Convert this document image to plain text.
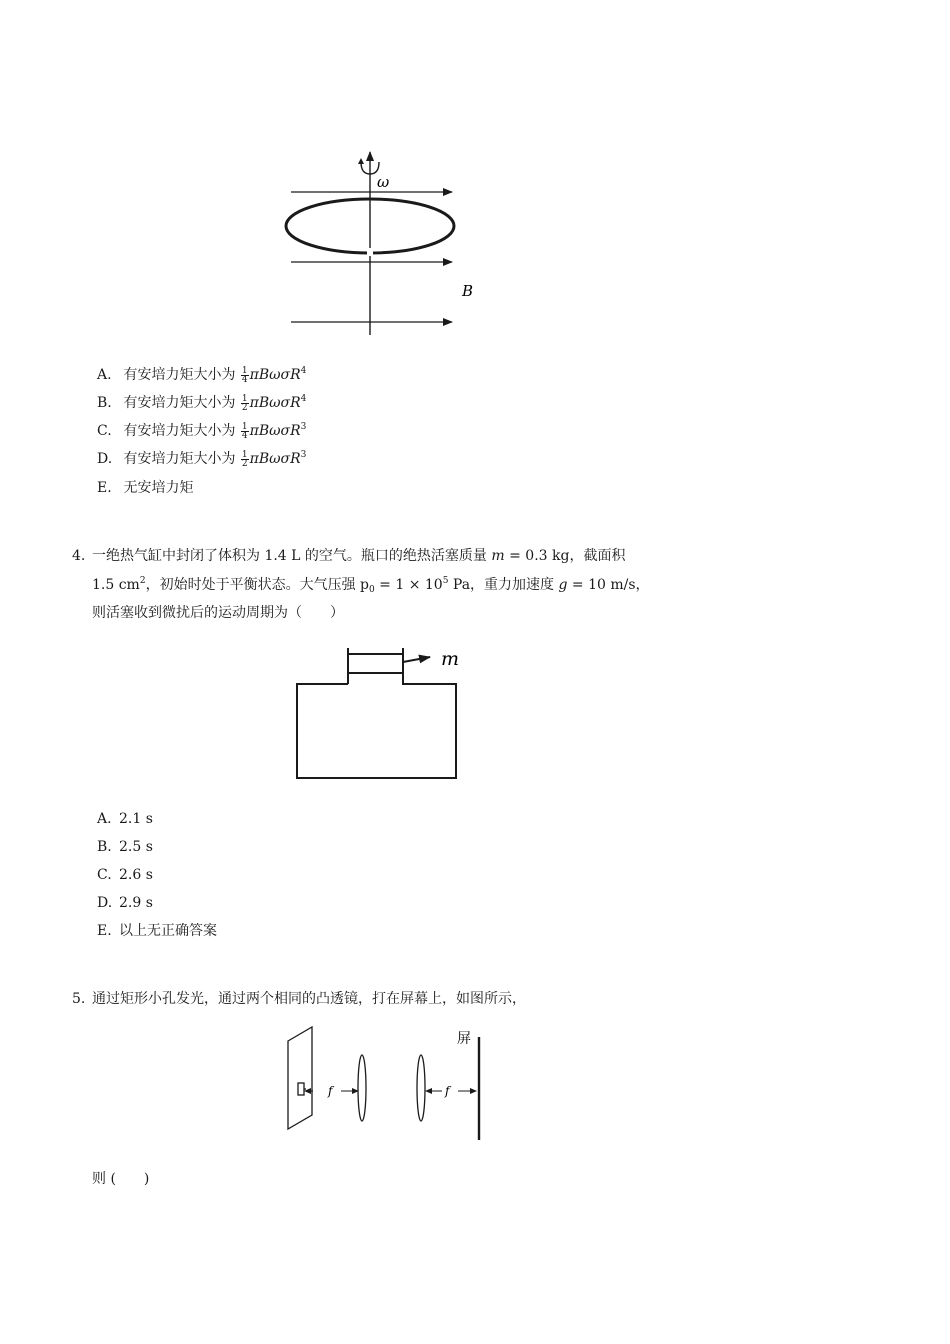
ω
B
A. 有安培力矩大小为 $\frac{1}{4} \pi B\omega\sigma R^4$
B. 有安培力矩大小为 $\frac{1}{2} \pi B\omega\sigma R^4$
C. 有安培力矩大小为 $\frac{1}{4} \pi B\omega\sigma R^3$
D. 有安培力矩大小为 $\frac{1}{2} \pi B\omega\sigma R^3$
E. 无安培力矩
4. 一绝热气缸中封闭了体积为 1.4 L 的空气。瓶口的绝热活塞质量 m = 0.3 kg，截面积
1.5 $cm^2$，初始时处于平衡状态。大气压强 $p_0 = 1 \times 10^5$ Pa，重力加速度 g = 10 m/s，
则活塞收到微扰后的运动周期为（　　）
m
A. 2.1 s
B. 2.5 s
C. 2.6 s
D. 2.9 s
E. 以上无正确答案
5. 通过矩形小孔发光，通过两个相同的凸透镜，打在屏幕上，如图所示，
f	f
屏
则 (　　)
